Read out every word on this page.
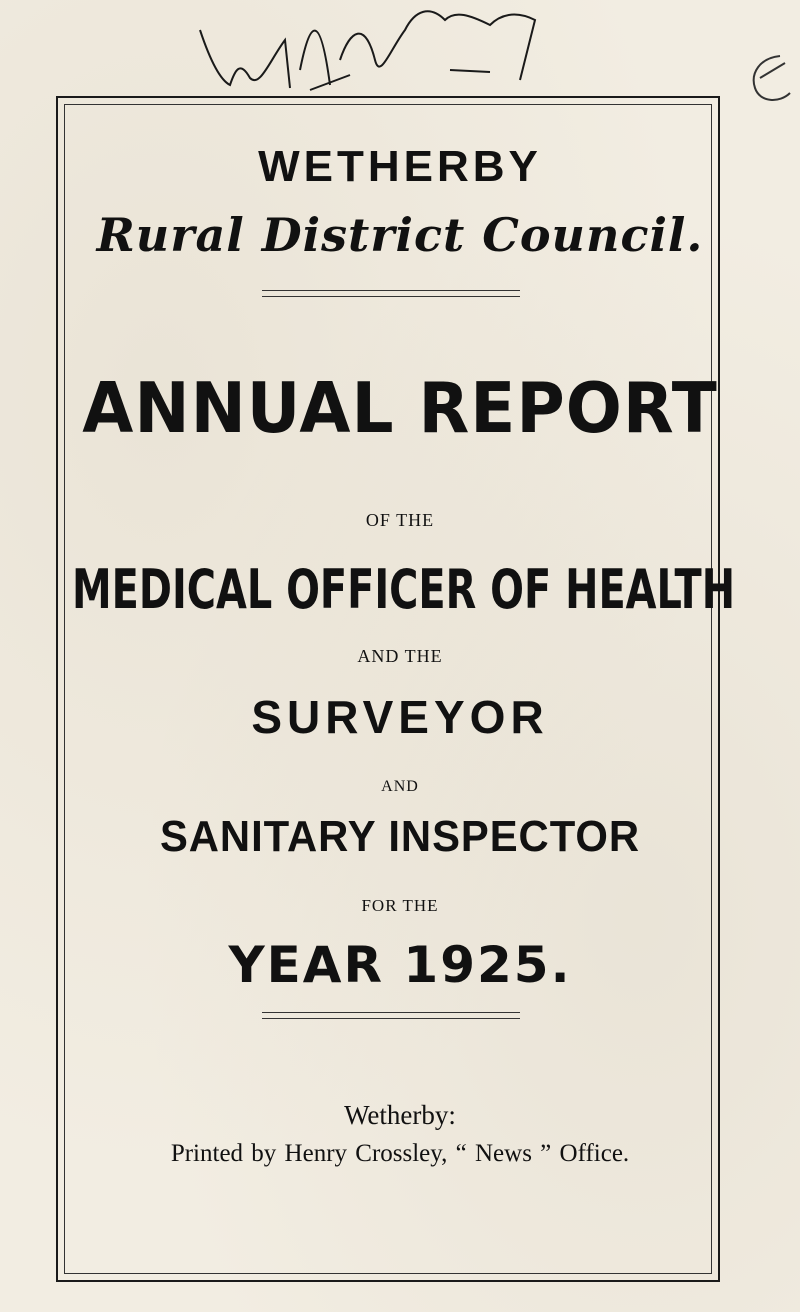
WETHERBY
Rural District Council.
ANNUAL REPORT
OF THE
MEDICAL OFFICER OF HEALTH
AND THE
SURVEYOR
AND
SANITARY INSPECTOR
FOR THE
YEAR 1925.
Wetherby:
Printed by Henry Crossley, “ News ” Office.
